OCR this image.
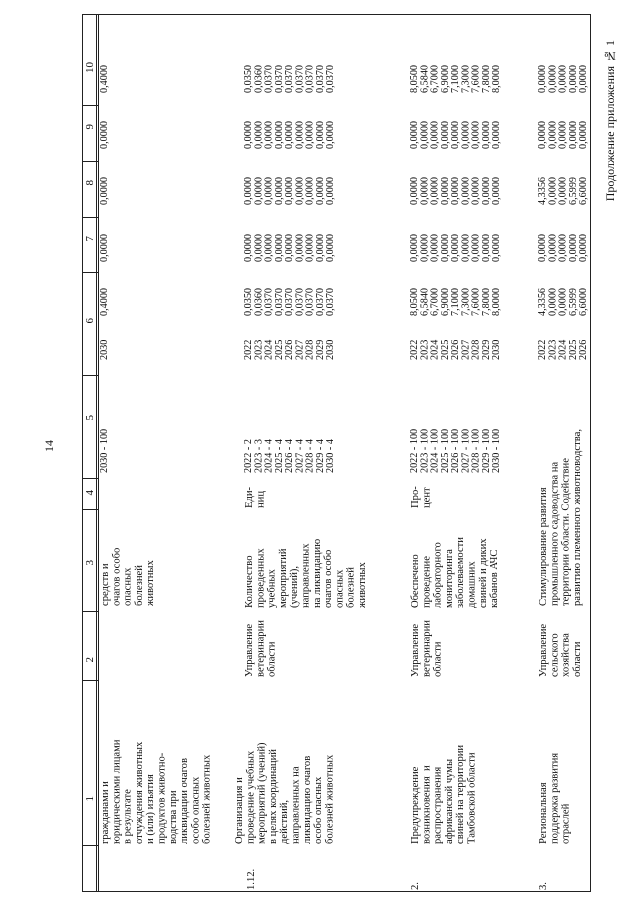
1
2
3
4
5
6
7
8
9
10
гражданами и
юридическими лицами
в результате
отчуждения животных
и (или) изъятия
продуктов животно-
водства при
ликвидации очагов
особо опасных
болезней животных
средств и
очагов особо
опасных
болезней
животных
2030 - 100
2030
0,4000
0,0000
0,0000
0,0000
0,4000
1.12.
Организация и
проведение учебных
мероприятий (учений)
в целях координаций
действий,
направленных на
ликвидацию очагов
особо опасных
болезней животных
Управление
ветеринарии
области
Количество
проведенных
учебных
мероприятий
(учений),
направленных
на ликвидацию
очагов особо
опасных
болезней
животных
Еди-
ниц
2022 - 2
2023 - 3
2024 - 4
2025 - 4
2026 - 4
2027 - 4
2028 - 4
2029 - 4
2030 - 4
2022
2023
2024
2025
2026
2027
2028
2029
2030
0,0350
0,0360
0,0370
0,0370
0,0370
0,0370
0,0370
0,0370
0,0370
0,0000
0,0000
0,0000
0,0000
0,0000
0,0000
0,0000
0,0000
0,0000
0,0000
0,0000
0,0000
0,0000
0,0000
0,0000
0,0000
0,0000
0,0000
0,0000
0,0000
0,0000
0,0000
0,0000
0,0000
0,0000
0,0000
0,0000
0,0350
0,0360
0,0370
0,0370
0,0370
0,0370
0,0370
0,0370
0,0370
2.
Предупреждение
возникновения  и
распространения
африканской чумы
свиней на территории
Тамбовской области
Управление
ветеринарии
области
Обеспечено
проведение
лабораторного
мониторинга
заболеваемости
домашних
свиней и диких
кабанов АЧС
Про-
цент
2022 - 100
2023 - 100
2024 - 100
2025 - 100
2026 - 100
2027 - 100
2028 - 100
2029 - 100
2030 - 100
2022
2023
2024
2025
2026
2027
2028
2029
2030
8,0500
6,5840
6,7000
6,9000
7,1000
7,3000
7,6000
7,8000
8,0000
0,0000
0,0000
0,0000
0,0000
0,0000
0,0000
0,0000
0,0000
0,0000
0,0000
0,0000
0,0000
0,0000
0,0000
0,0000
0,0000
0,0000
0,0000
0,0000
0,0000
0,0000
0,0000
0,0000
0,0000
0,0000
0,0000
0,0000
8,0500
6,5840
6,7000
6,9000
7,1000
7,3000
7,6000
7,8000
8,0000
3.
Региональная
поддержка развития
отраслей
Управление
сельского
хозяйства
области
Стимулирование развития
промышленного садоводства на
территории области. Содействие
развитию племенного животноводства,
2022
2023
2024
2025
2026
4,3356
0,0000
0,0000
6,5999
6,6000
0,0000
0,0000
0,0000
0,0000
0,0000
4,3356
0,0000
0,0000
6,5999
6,6000
0,0000
0,0000
0,0000
0,0000
0,0000
0,0000
0,0000
0,0000
0,0000
0,0000
14
Продолжение приложения № 1
